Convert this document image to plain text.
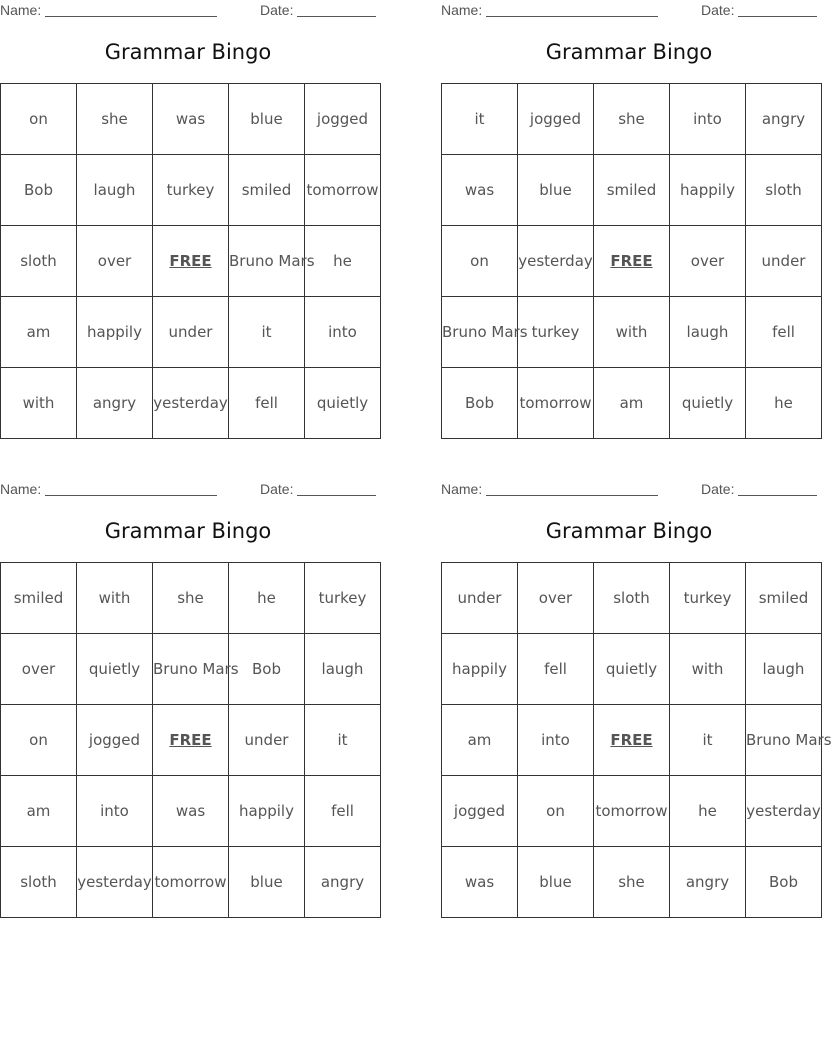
Name:	Date:
Grammar Bingo
on	she	was	blue	jogged
Bob	laugh	turkey	smiled	tomorrow
sloth	over	FREE	Bruno Mars	he
am	happily	under	it	into
with	angry	yesterday	fell	quietly
Name:	Date:
Grammar Bingo
it	jogged	she	into	angry
was	blue	smiled	happily	sloth
on	yesterday	FREE	over	under
Bruno Mars	turkey	with	laugh	fell
Bob	tomorrow	am	quietly	he
Name:	Date:
Grammar Bingo
smiled	with	she	he	turkey
over	quietly	Bruno Mars	Bob	laugh
on	jogged	FREE	under	it
am	into	was	happily	fell
sloth	yesterday	tomorrow	blue	angry
Name:	Date:
Grammar Bingo
under	over	sloth	turkey	smiled
happily	fell	quietly	with	laugh
am	into	FREE	it	Bruno Mars
jogged	on	tomorrow	he	yesterday
was	blue	she	angry	Bob
